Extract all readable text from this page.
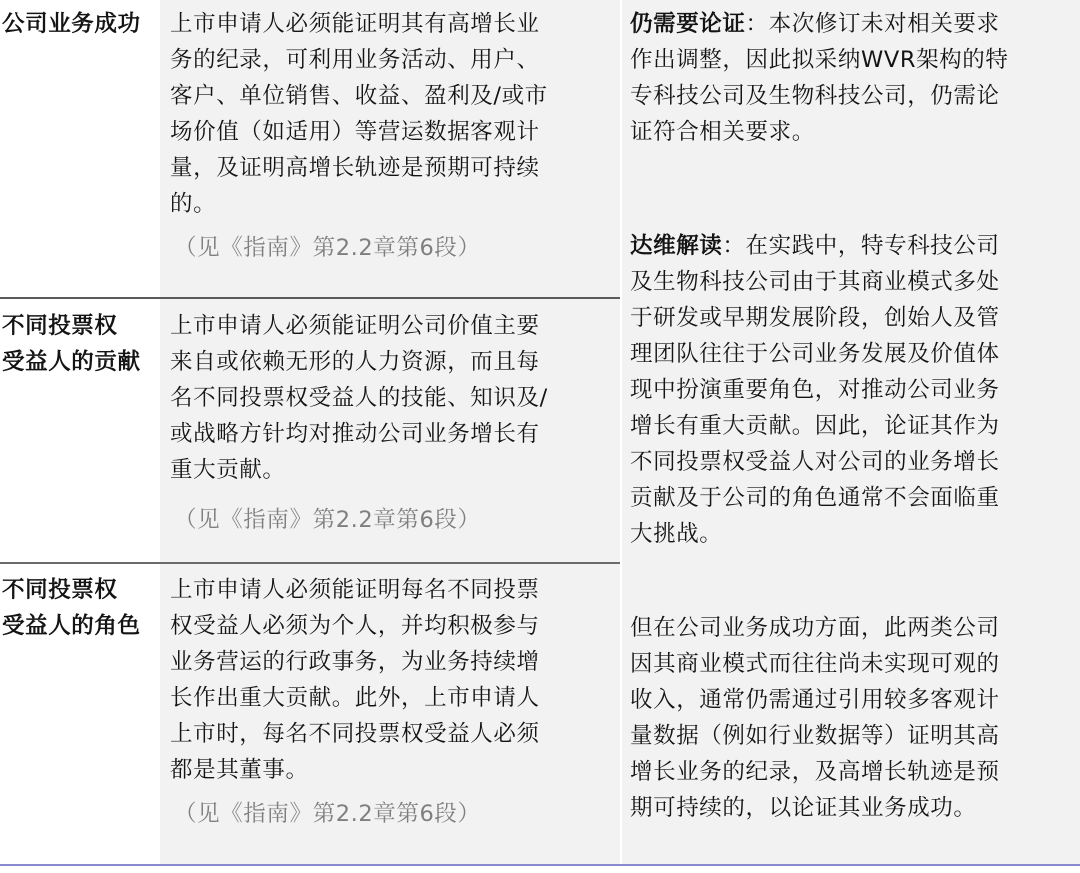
公司业务成功	上市申请人必须能证明其有高增长业
务的纪录，可利用业务活动、用户、
客户、单位销售、收益、盈利及/或市
场价值（如适用）等营运数据客观计
量，及证明高增长轨迹是预期可持续
的。
（见《指南》第2.2章第6段）
不同投票权
受益人的贡献
上市申请人必须能证明公司价值主要
来自或依赖无形的人力资源，而且每
名不同投票权受益人的技能、知识及/
或战略方针均对推动公司业务增长有
重大贡献。
（见《指南》第2.2章第6段）
不同投票权
受益人的角色
上市申请人必须能证明每名不同投票
权受益人必须为个人，并均积极参与
业务营运的行政事务，为业务持续增
长作出重大贡献。此外，上市申请人
上市时，每名不同投票权受益人必须
都是其董事。
（见《指南》第2.2章第6段）
仍需要论证：本次修订未对相关要求
作出调整，因此拟采纳WVR架构的特
专科技公司及生物科技公司，仍需论
证符合相关要求。
达维解读：在实践中，特专科技公司
及生物科技公司由于其商业模式多处
于研发或早期发展阶段，创始人及管
理团队往往于公司业务发展及价值体
现中扮演重要角色，对推动公司业务
增长有重大贡献。因此，论证其作为
不同投票权受益人对公司的业务增长
贡献及于公司的角色通常不会面临重
大挑战。
但在公司业务成功方面，此两类公司
因其商业模式而往往尚未实现可观的
收入，通常仍需通过引用较多客观计
量数据（例如行业数据等）证明其高
增长业务的纪录，及高增长轨迹是预
期可持续的，以论证其业务成功。
